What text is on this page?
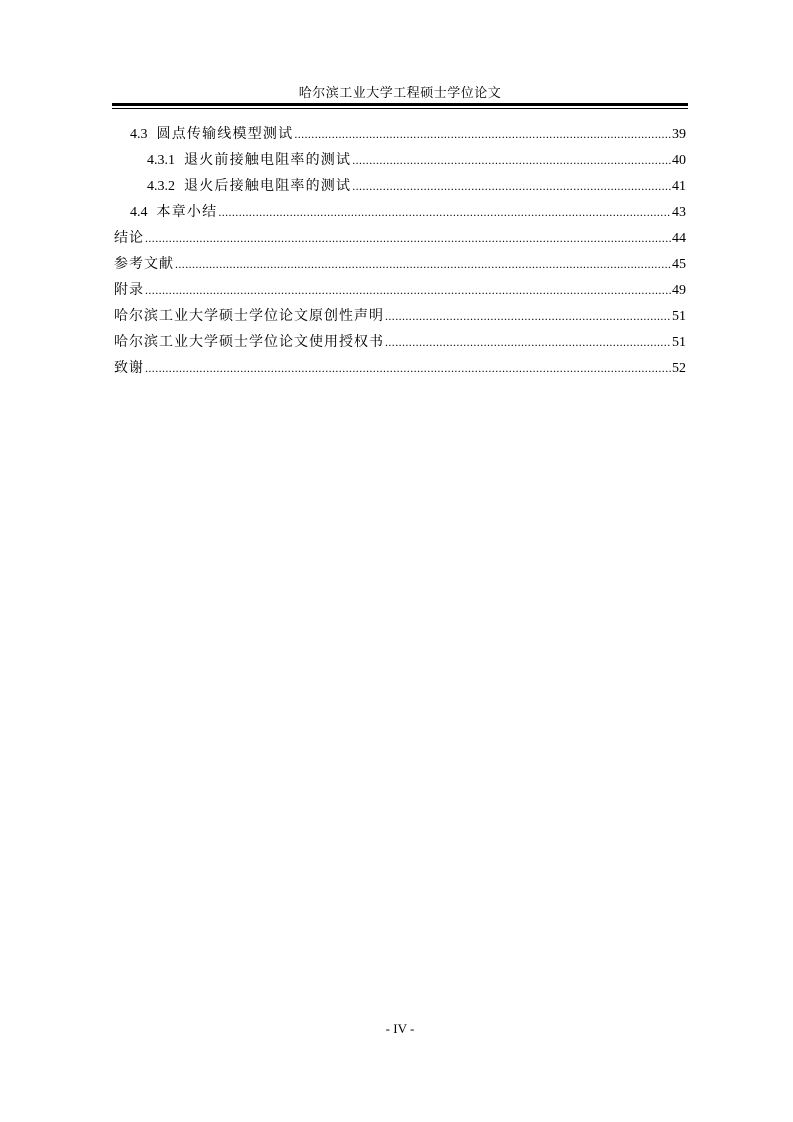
哈尔滨工业大学工程硕士学位论文
4.3 圆点传输线模型测试 .....	39
4.3.1 退火前接触电阻率的测试 .....	40
4.3.2 退火后接触电阻率的测试 .....	41
4.4 本章小结 .....	43
结论 .....	44
参考文献 .....	45
附录 .....	49
哈尔滨工业大学硕士学位论文原创性声明 .....	51
哈尔滨工业大学硕士学位论文使用授权书 .....	51
致谢 .....	52
- IV -
